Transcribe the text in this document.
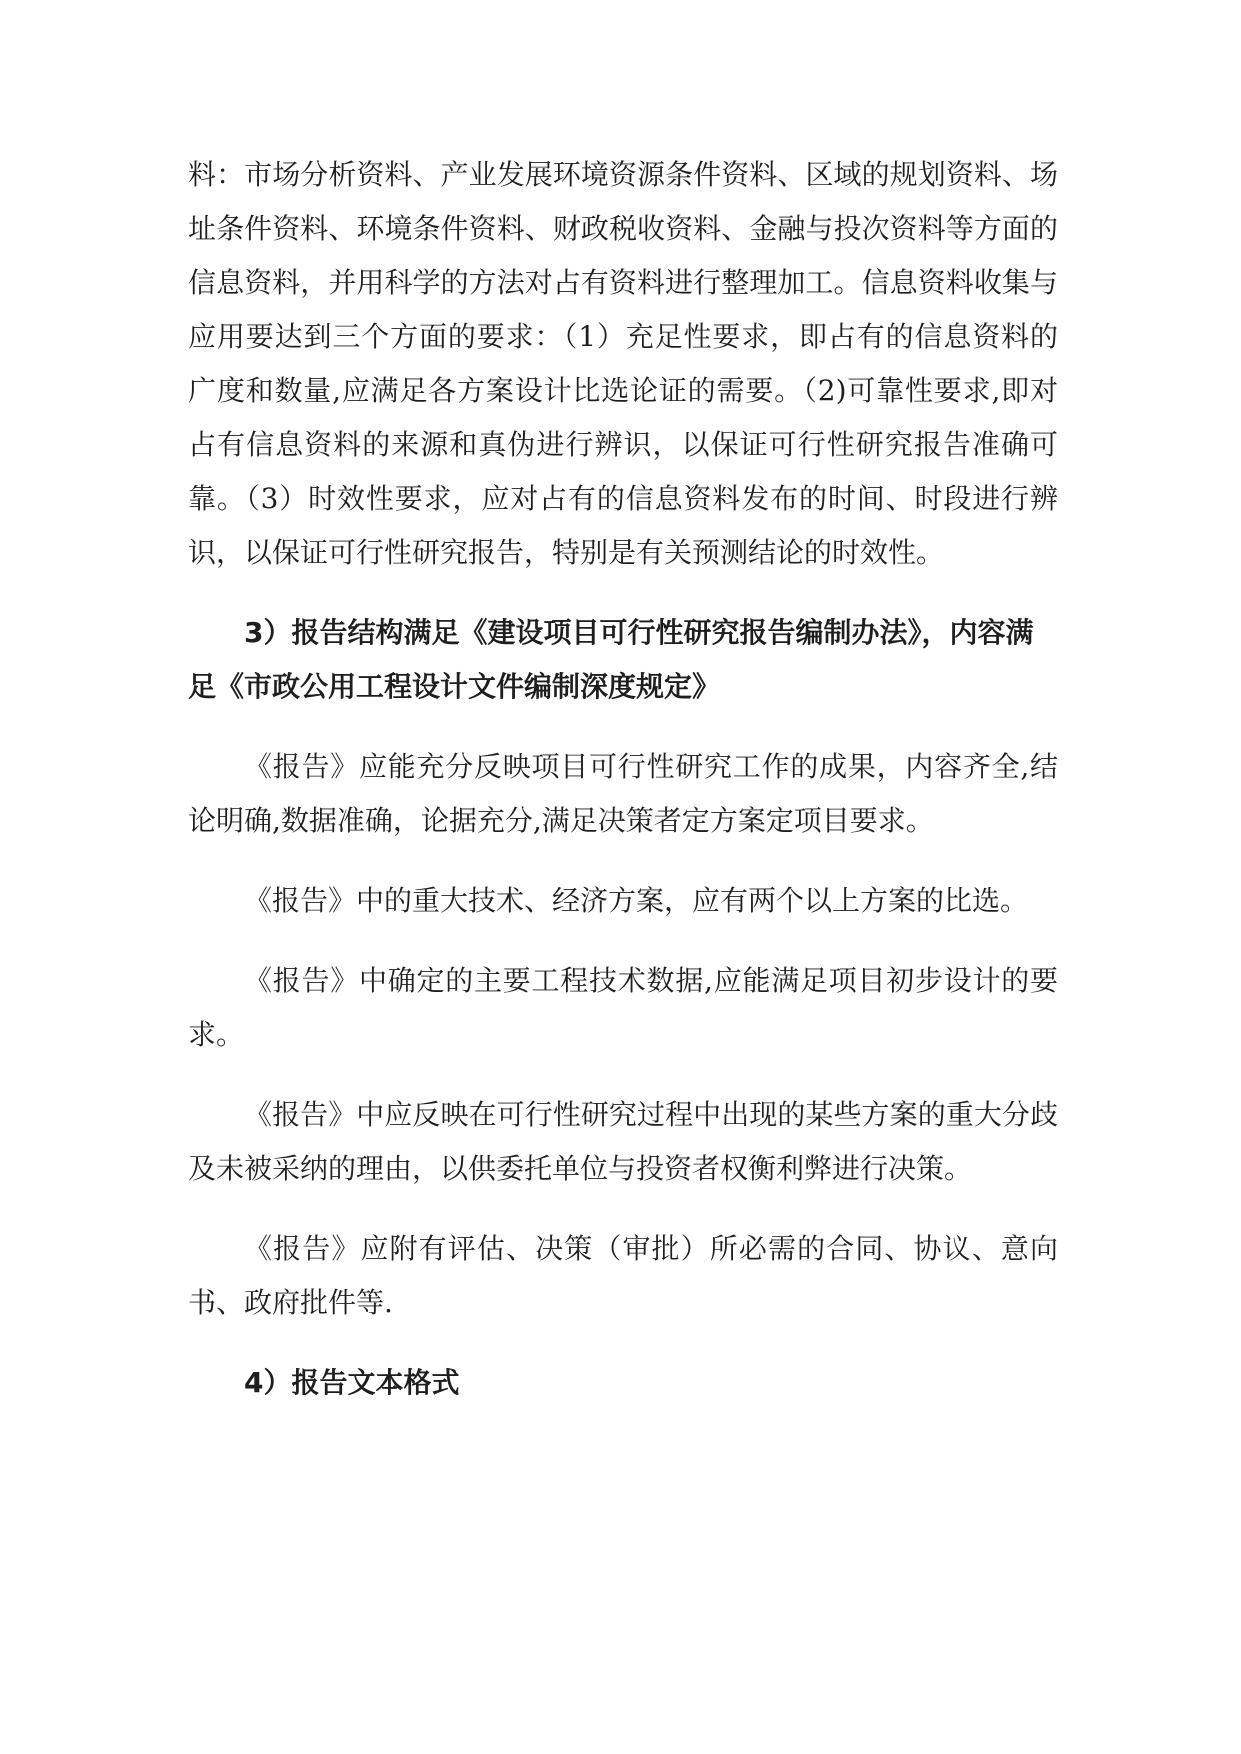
料：市场分析资料、产业发展环境资源条件资料、区域的规划资料、场址条件资料、环境条件资料、财政税收资料、金融与投次资料等方面的信息资料，并用科学的方法对占有资料进行整理加工。信息资料收集与应用要达到三个方面的要求：（1）充足性要求，即占有的信息资料的广度和数量,应满足各方案设计比选论证的需要。（2)可靠性要求,即对占有信息资料的来源和真伪进行辨识，以保证可行性研究报告准确可靠。（3）时效性要求，应对占有的信息资料发布的时间、时段进行辨识，以保证可行性研究报告，特别是有关预测结论的时效性。

3）报告结构满足《建设项目可行性研究报告编制办法》，内容满足《市政公用工程设计文件编制深度规定》

《报告》应能充分反映项目可行性研究工作的成果，内容齐全,结论明确,数据准确，论据充分,满足决策者定方案定项目要求。

《报告》中的重大技术、经济方案，应有两个以上方案的比选。

《报告》中确定的主要工程技术数据,应能满足项目初步设计的要求。

《报告》中应反映在可行性研究过程中出现的某些方案的重大分歧及未被采纳的理由，以供委托单位与投资者权衡利弊进行决策。

《报告》应附有评估、决策（审批）所必需的合同、协议、意向书、政府批件等.

4）报告文本格式
